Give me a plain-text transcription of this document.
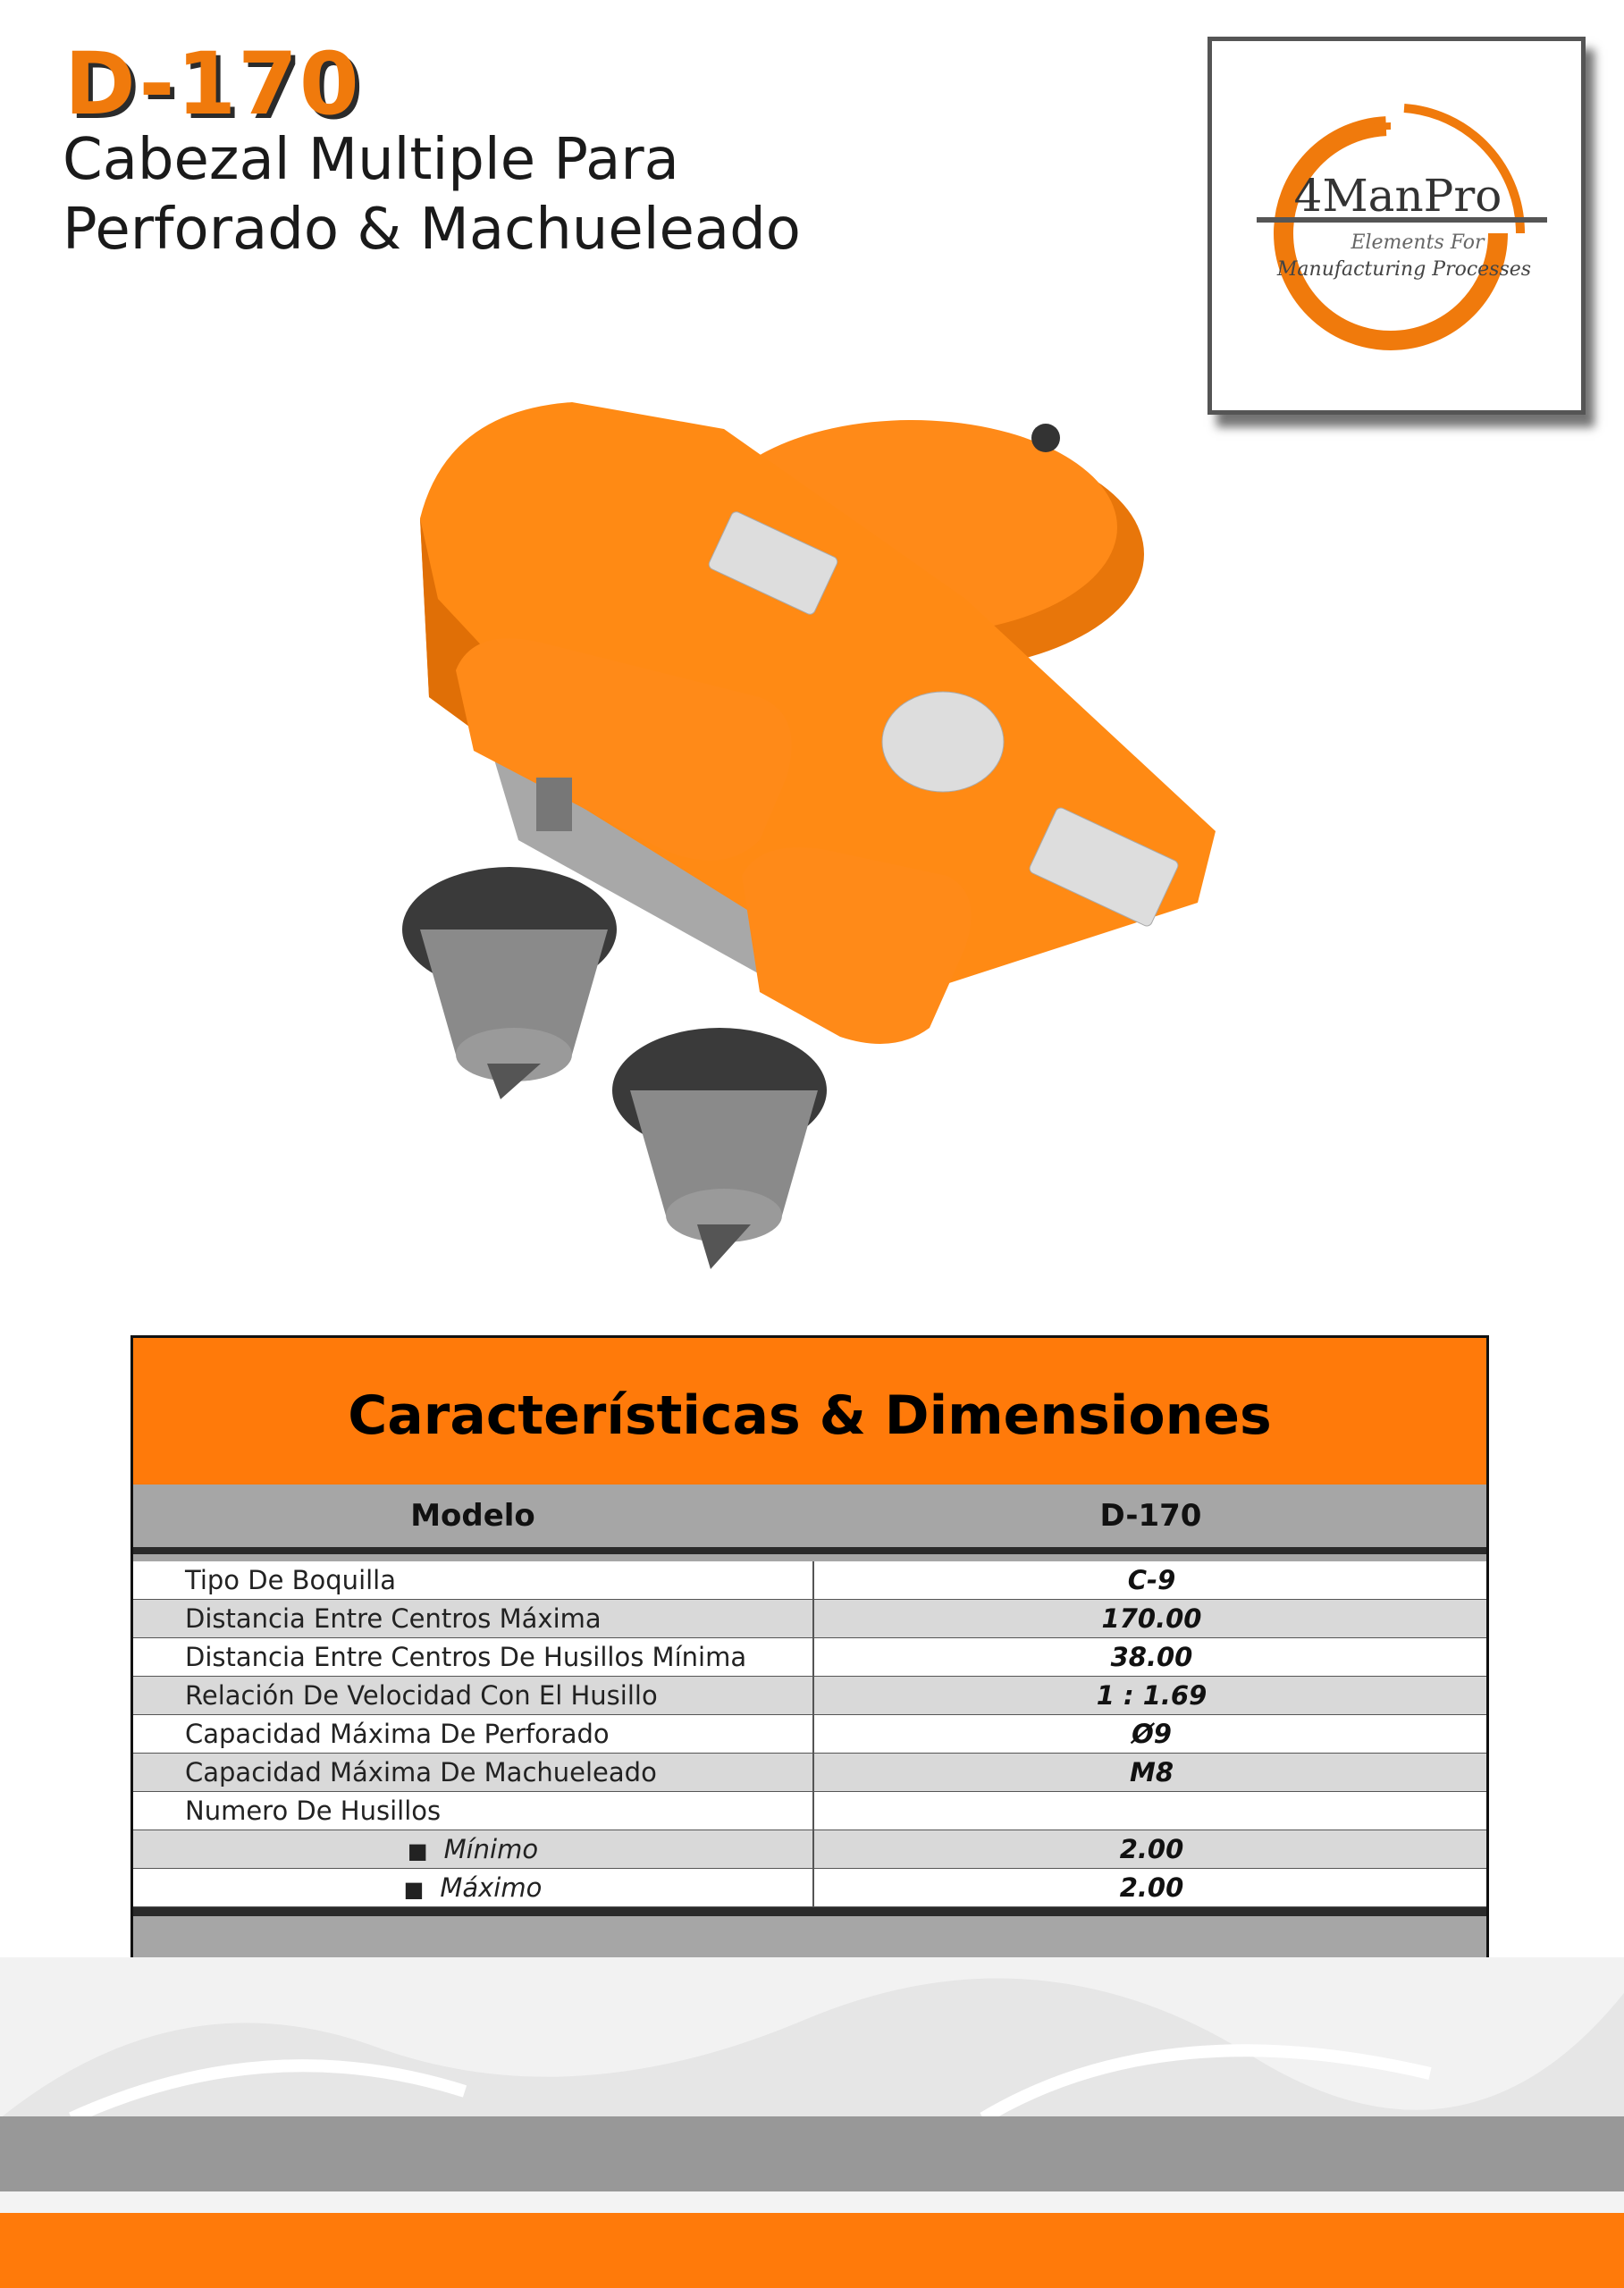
D-170
Cabezal Multiple Para
Perforado & Machueleado
4ManPro
Elements For
Manufacturing Processes
Características & Dimensiones
Modelo	D-170
Tipo De Boquilla	C-9
Distancia Entre Centros Máxima	170.00
Distancia Entre Centros De Husillos Mínima	38.00
Relación De Velocidad Con El Husillo	1 : 1.69
Capacidad Máxima De Perforado	Ø9
Capacidad Máxima De Machueleado	M8
Numero De Husillos
■ Mínimo	2.00
■ Máximo	2.00
